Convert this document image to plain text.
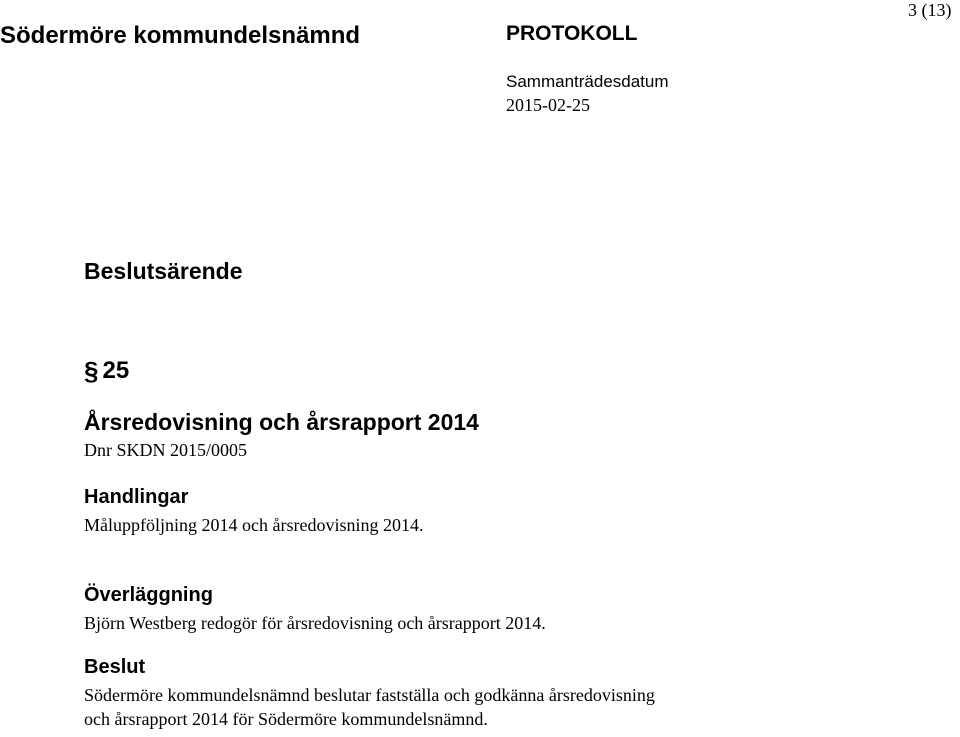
Södermöre kommundelsnämnd	PROTOKOLL
3 (13)
Sammanträdesdatum
2015-02-25
Beslutsärende
§ 25
Årsredovisning och årsrapport 2014
Dnr SKDN 2015/0005
Handlingar
Måluppföljning 2014 och årsredovisning 2014.
Överläggning
Björn Westberg redogör för årsredovisning och årsrapport 2014.
Beslut
Södermöre kommundelsnämnd beslutar fastställa och godkänna årsredovisning
och årsrapport 2014 för Södermöre kommundelsnämnd.
